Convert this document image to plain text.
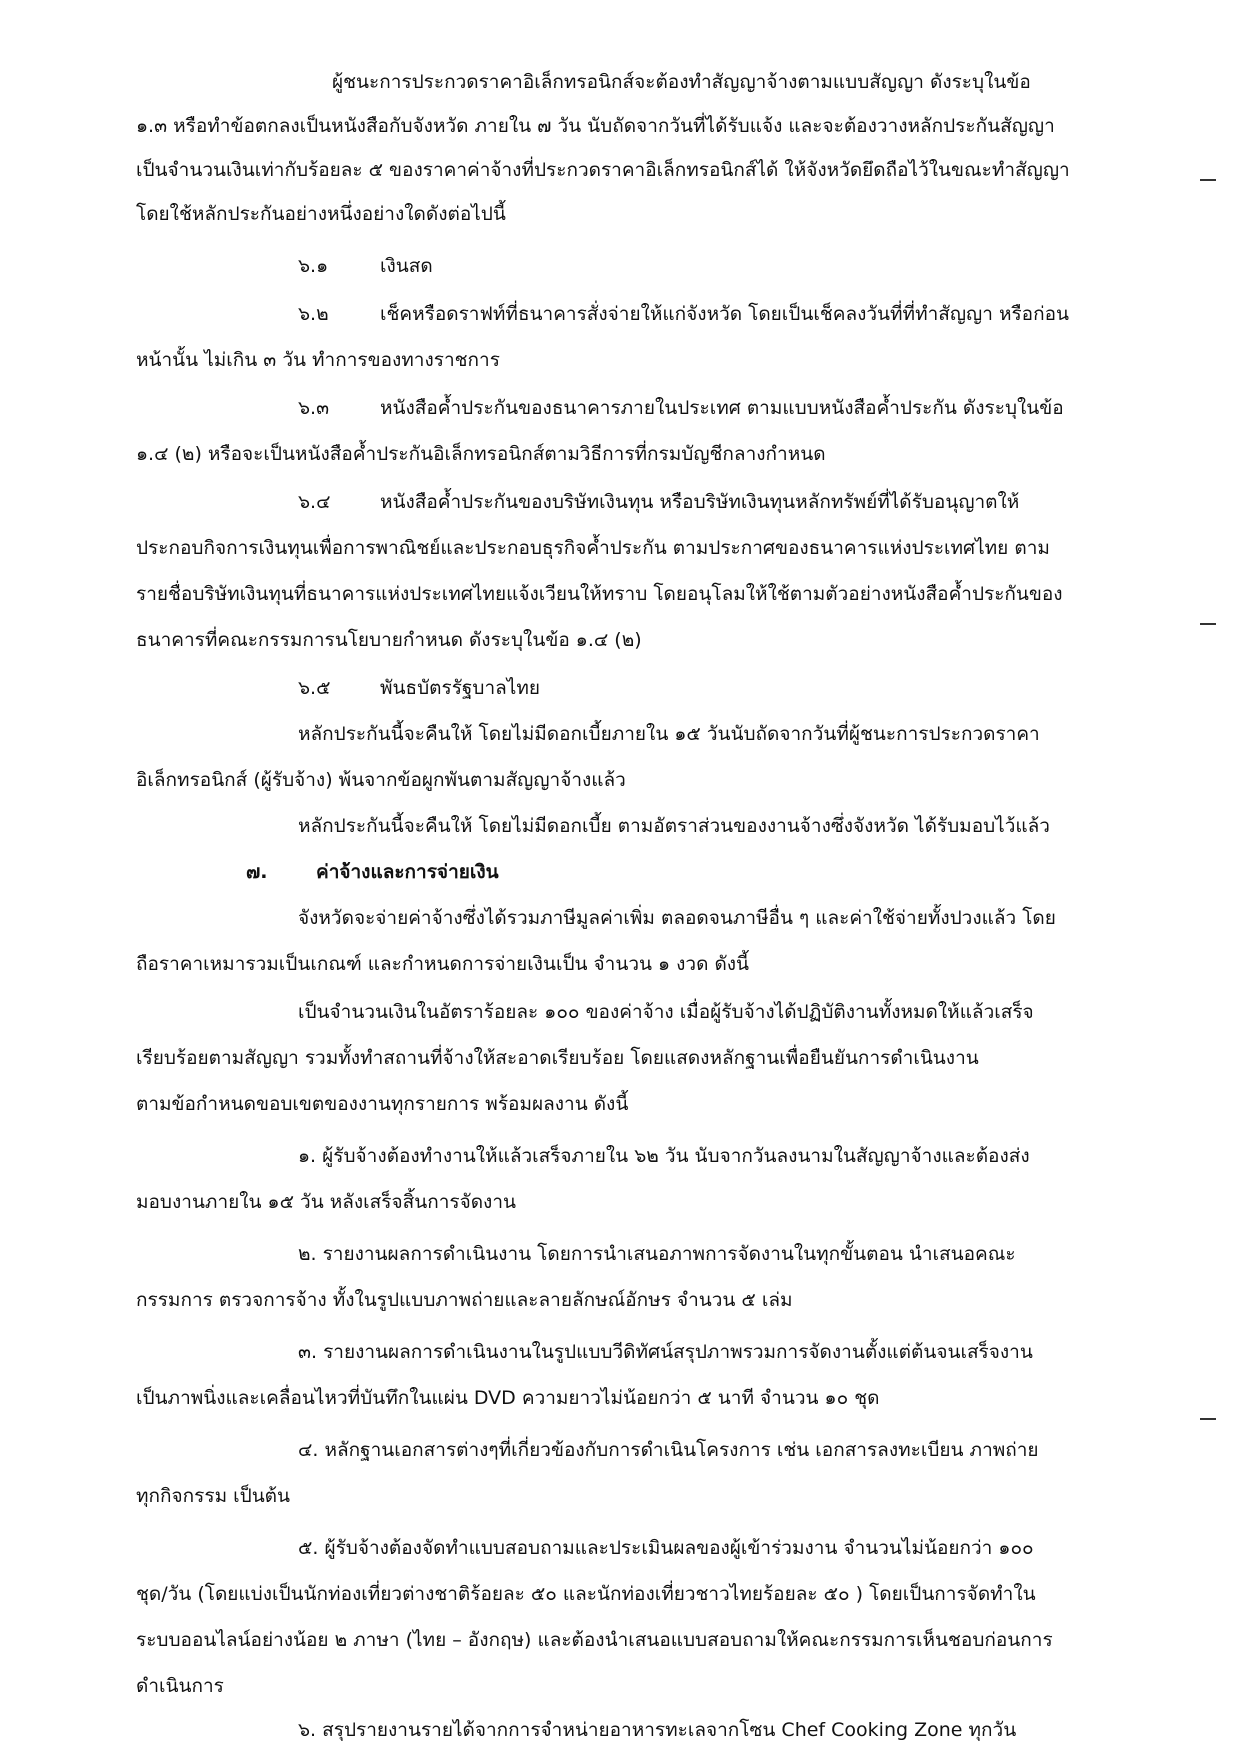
ผู้ชนะการประกวดราคาอิเล็กทรอนิกส์จะต้องทำสัญญาจ้างตามแบบสัญญา ดังระบุในข้อ
๑.๓ หรือทำข้อตกลงเป็นหนังสือกับจังหวัด ภายใน ๗ วัน นับถัดจากวันที่ได้รับแจ้ง และจะต้องวางหลักประกันสัญญา
เป็นจำนวนเงินเท่ากับร้อยละ ๕ ของราคาค่าจ้างที่ประกวดราคาอิเล็กทรอนิกส์ได้ ให้จังหวัดยึดถือไว้ในขณะทำสัญญา
โดยใช้หลักประกันอย่างหนึ่งอย่างใดดังต่อไปนี้
๖.๑	เงินสด
๖.๒	เช็คหรือดราฟท์ที่ธนาคารสั่งจ่ายให้แก่จังหวัด โดยเป็นเช็คลงวันที่ที่ทำสัญญา หรือก่อน
หน้านั้น ไม่เกิน ๓ วัน ทำการของทางราชการ
๖.๓	หนังสือค้ำประกันของธนาคารภายในประเทศ ตามแบบหนังสือค้ำประกัน ดังระบุในข้อ
๑.๔ (๒) หรือจะเป็นหนังสือค้ำประกันอิเล็กทรอนิกส์ตามวิธีการที่กรมบัญชีกลางกำหนด
๖.๔	หนังสือค้ำประกันของบริษัทเงินทุน หรือบริษัทเงินทุนหลักทรัพย์ที่ได้รับอนุญาตให้
ประกอบกิจการเงินทุนเพื่อการพาณิชย์และประกอบธุรกิจค้ำประกัน ตามประกาศของธนาคารแห่งประเทศไทย ตาม
รายชื่อบริษัทเงินทุนที่ธนาคารแห่งประเทศไทยแจ้งเวียนให้ทราบ โดยอนุโลมให้ใช้ตามตัวอย่างหนังสือค้ำประกันของ
ธนาคารที่คณะกรรมการนโยบายกำหนด ดังระบุในข้อ ๑.๔ (๒)
๖.๕	พันธบัตรรัฐบาลไทย
หลักประกันนี้จะคืนให้ โดยไม่มีดอกเบี้ยภายใน ๑๕ วันนับถัดจากวันที่ผู้ชนะการประกวดราคา
อิเล็กทรอนิกส์ (ผู้รับจ้าง) พ้นจากข้อผูกพันตามสัญญาจ้างแล้ว
หลักประกันนี้จะคืนให้ โดยไม่มีดอกเบี้ย ตามอัตราส่วนของงานจ้างซึ่งจังหวัด ได้รับมอบไว้แล้ว
๗.	ค่าจ้างและการจ่ายเงิน
จังหวัดจะจ่ายค่าจ้างซึ่งได้รวมภาษีมูลค่าเพิ่ม ตลอดจนภาษีอื่น ๆ และค่าใช้จ่ายทั้งปวงแล้ว โดย
ถือราคาเหมารวมเป็นเกณฑ์ และกำหนดการจ่ายเงินเป็น จำนวน ๑ งวด ดังนี้
เป็นจำนวนเงินในอัตราร้อยละ ๑๐๐ ของค่าจ้าง เมื่อผู้รับจ้างได้ปฏิบัติงานทั้งหมดให้แล้วเสร็จ
เรียบร้อยตามสัญญา รวมทั้งทำสถานที่จ้างให้สะอาดเรียบร้อย โดยแสดงหลักฐานเพื่อยืนยันการดำเนินงาน
ตามข้อกำหนดขอบเขตของงานทุกรายการ พร้อมผลงาน ดังนี้
๑. ผู้รับจ้างต้องทำงานให้แล้วเสร็จภายใน ๖๒ วัน นับจากวันลงนามในสัญญาจ้างและต้องส่ง
มอบงานภายใน ๑๕ วัน หลังเสร็จสิ้นการจัดงาน
๒. รายงานผลการดำเนินงาน โดยการนำเสนอภาพการจัดงานในทุกขั้นตอน นำเสนอคณะ
กรรมการ ตรวจการจ้าง ทั้งในรูปแบบภาพถ่ายและลายลักษณ์อักษร จำนวน ๕ เล่ม
๓. รายงานผลการดำเนินงานในรูปแบบวีดิทัศน์สรุปภาพรวมการจัดงานตั้งแต่ต้นจนเสร็จงาน
เป็นภาพนิ่งและเคลื่อนไหวที่บันทึกในแผ่น DVD ความยาวไม่น้อยกว่า ๕ นาที จำนวน ๑๐ ชุด
๔. หลักฐานเอกสารต่างๆที่เกี่ยวข้องกับการดำเนินโครงการ เช่น เอกสารลงทะเบียน ภาพถ่าย
ทุกกิจกรรม เป็นต้น
๕. ผู้รับจ้างต้องจัดทำแบบสอบถามและประเมินผลของผู้เข้าร่วมงาน จำนวนไม่น้อยกว่า ๑๐๐
ชุด/วัน (โดยแบ่งเป็นนักท่องเที่ยวต่างชาติร้อยละ ๕๐ และนักท่องเที่ยวชาวไทยร้อยละ ๕๐ ) โดยเป็นการจัดทำใน
ระบบออนไลน์อย่างน้อย ๒ ภาษา (ไทย – อังกฤษ) และต้องนำเสนอแบบสอบถามให้คณะกรรมการเห็นชอบก่อนการ
ดำเนินการ
๖. สรุปรายงานรายได้จากการจำหน่ายอาหารทะเลจากโซน Chef Cooking Zone ทุกวัน
